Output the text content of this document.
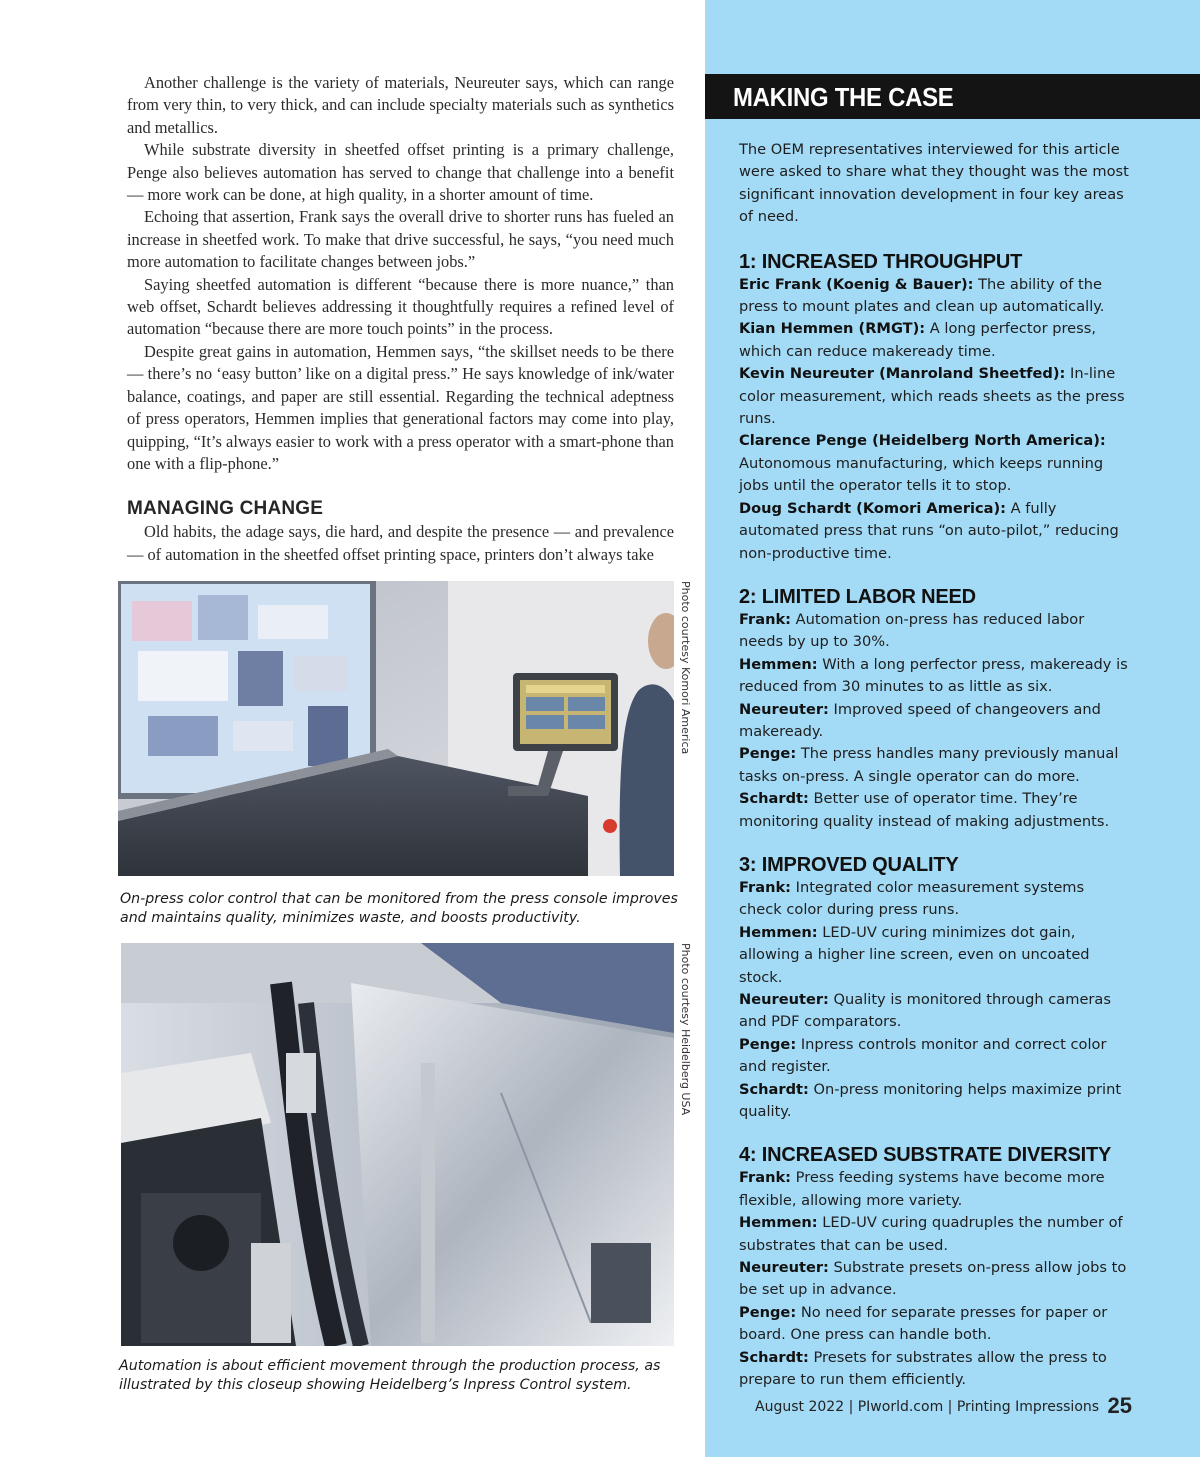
Another challenge is the variety of materials, Neureuter says, which can range from very thin, to very thick, and can include specialty materials such as synthetics and metallics.

While substrate diversity in sheetfed offset printing is a primary challenge, Penge also believes automation has served to change that challenge into a benefit — more work can be done, at high quality, in a shorter amount of time.

Echoing that assertion, Frank says the overall drive to shorter runs has fueled an increase in sheetfed work. To make that drive successful, he says, “you need much more automation to facilitate changes between jobs.”

Saying sheetfed automation is different “because there is more nuance,” than web offset, Schardt believes addressing it thoughtfully requires a refined level of automation “because there are more touch points” in the process.

Despite great gains in automation, Hemmen says, “the skillset needs to be there — there’s no ‘easy button’ like on a digital press.” He says knowledge of ink/water balance, coatings, and paper are still essential. Regarding the technical adeptness of press operators, Hemmen implies that generational factors may come into play, quipping, “It’s always easier to work with a press operator with a smart-phone than one with a flip-phone.”

MANAGING CHANGE

Old habits, the adage says, die hard, and despite the presence — and prevalence — of automation in the sheetfed offset printing space, printers don’t always take

Photo courtesy Komori America
On-press color control that can be monitored from the press console improves and maintains quality, minimizes waste, and boosts productivity.
Photo courtesy Heidelberg USA
Automation is about efficient movement through the production process, as illustrated by this closeup showing Heidelberg’s Inpress Control system.
MAKING THE CASE

The OEM representatives interviewed for this article were asked to share what they thought was the most significant innovation development in four key areas of need.

1: INCREASED THROUGHPUT

Eric Frank (Koenig & Bauer): The ability of the press to mount plates and clean up automatically.

Kian Hemmen (RMGT): A long perfector press, which can reduce makeready time.

Kevin Neureuter (Manroland Sheetfed): In-line color measurement, which reads sheets as the press runs.

Clarence Penge (Heidelberg North America): Autonomous manufacturing, which keeps running jobs until the operator tells it to stop.

Doug Schardt (Komori America): A fully automated press that runs “on auto-pilot,” reducing non-productive time.

2: LIMITED LABOR NEED

Frank: Automation on-press has reduced labor needs by up to 30%.

Hemmen: With a long perfector press, makeready is reduced from 30 minutes to as little as six.

Neureuter: Improved speed of changeovers and makeready.

Penge: The press handles many previously manual tasks on-press. A single operator can do more.

Schardt: Better use of operator time. They’re monitoring quality instead of making adjustments.

3: IMPROVED QUALITY

Frank: Integrated color measurement systems check color during press runs.

Hemmen: LED-UV curing minimizes dot gain, allowing a higher line screen, even on uncoated stock.

Neureuter: Quality is monitored through cameras and PDF comparators.

Penge: Inpress controls monitor and correct color and register.

Schardt: On-press monitoring helps maximize print quality.

4: INCREASED SUBSTRATE DIVERSITY

Frank: Press feeding systems have become more flexible, allowing more variety.

Hemmen: LED-UV curing quadruples the number of substrates that can be used.

Neureuter: Substrate presets on-press allow jobs to be set up in advance.

Penge: No need for separate presses for paper or board. One press can handle both.

Schardt: Presets for substrates allow the press to prepare to run them efficiently.

August 2022 | PIworld.com | Printing Impressions 25
